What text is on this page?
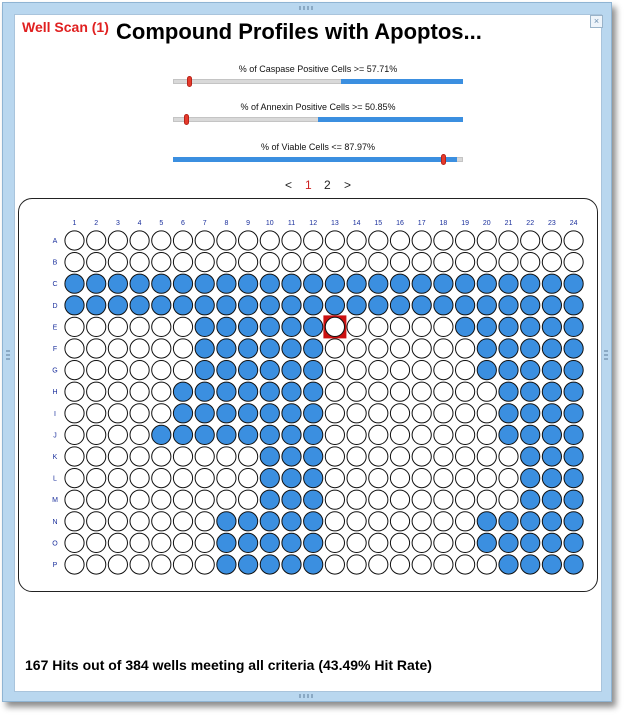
×
Well Scan (1) Compound Profiles with Apoptos...
% of Caspase Positive Cells >= 57.71%
% of Annexin Positive Cells >= 50.85%
% of Viable Cells <= 87.97%
< 1 2 >
1	2	3	4	5	6	7	8	9 10 11 12 13 14 15 16 17 18 19 20 21 22 23 24
A
B
C
D
E
F
G
H
I
J
K
L
M
N
O
P
167 Hits out of 384 wells meeting all criteria (43.49% Hit Rate)
